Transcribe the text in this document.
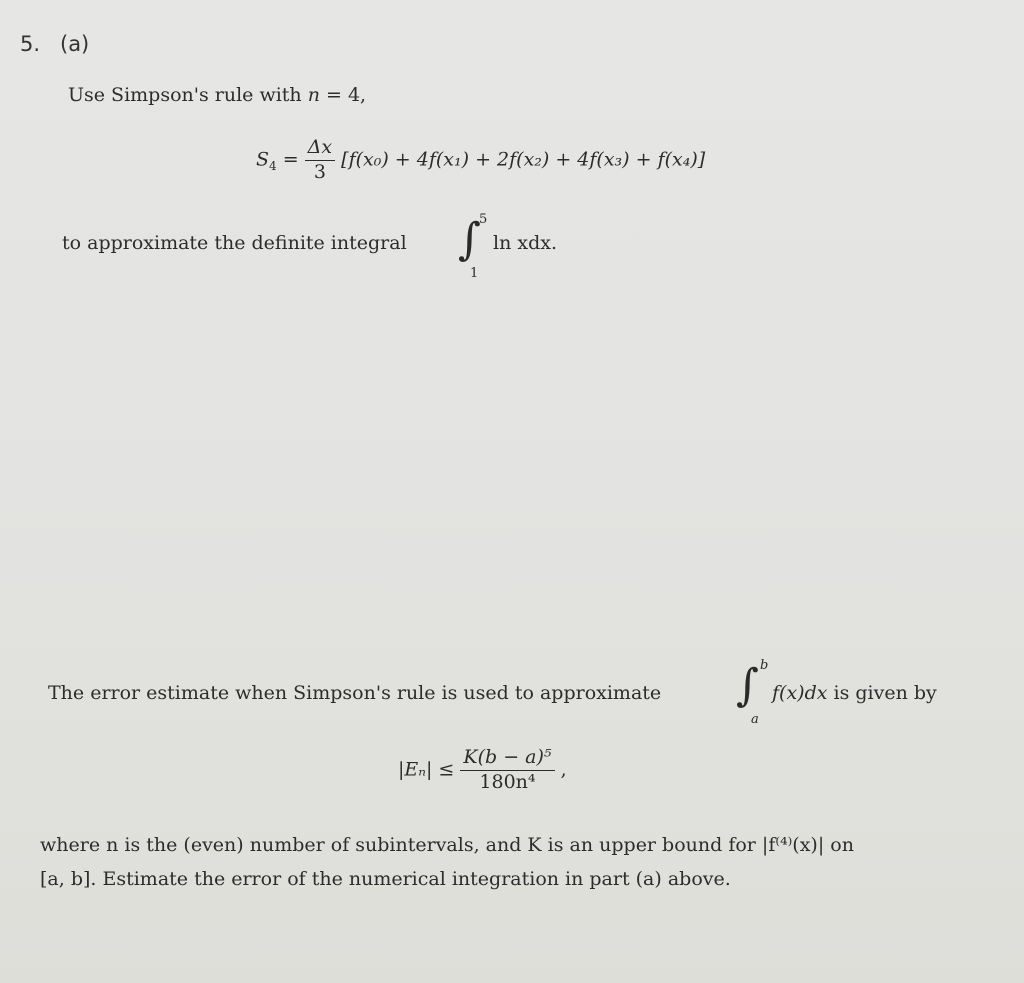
5. (a)
Use Simpson's rule with n = 4,
$S_4 = \frac{\Delta x}{3} [f(x_0) + 4f(x_1) + 2f(x_2) + 4f(x_3) + f(x_4)]$
to approximate the definite integral ∫
5
1
ln xdx.
The error estimate when Simpson's rule is used to approximate ∫ b
a
f(x)dx is given by
$|E_n| \le \frac{\text{K(b − a)⁵}}{\text{180n⁴}}$ ,
where n is the (even) number of subintervals, and K is an upper bound for |f⁽⁴⁾(x)| on
[a, b]. Estimate the error of the numerical integration in part (a) above.
